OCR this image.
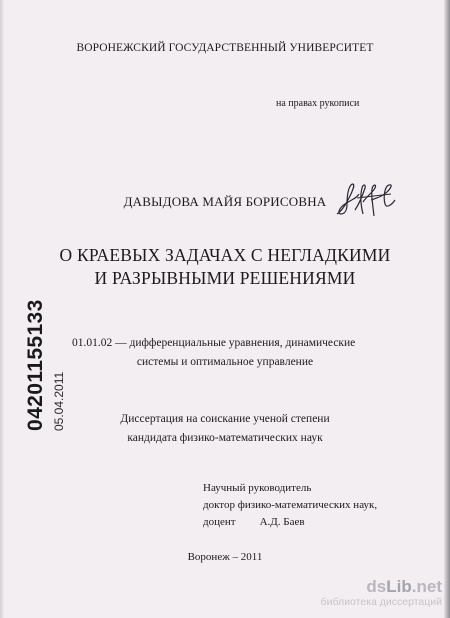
ВОРОНЕЖСКИЙ ГОСУДАРСТВЕННЫЙ УНИВЕРСИТЕТ
на правах рукописи
ДАВЫДОВА МАЙЯ БОРИСОВНА
О КРАЕВЫХ ЗАДАЧАХ С НЕГЛАДКИМИ
И РАЗРЫВНЫМИ РЕШЕНИЯМИ
01.01.02 — дифференциальные уравнения, динамические
системы и оптимальное управление
Диссертация на соискание ученой степени
кандидата физико-математических наук
Научный руководитель
доктор физико-математических наук,
доцент А.Д. Баев
Воронеж – 2011
04201155133 05.04.2011
dsLib.net
библиотека диссертаций
